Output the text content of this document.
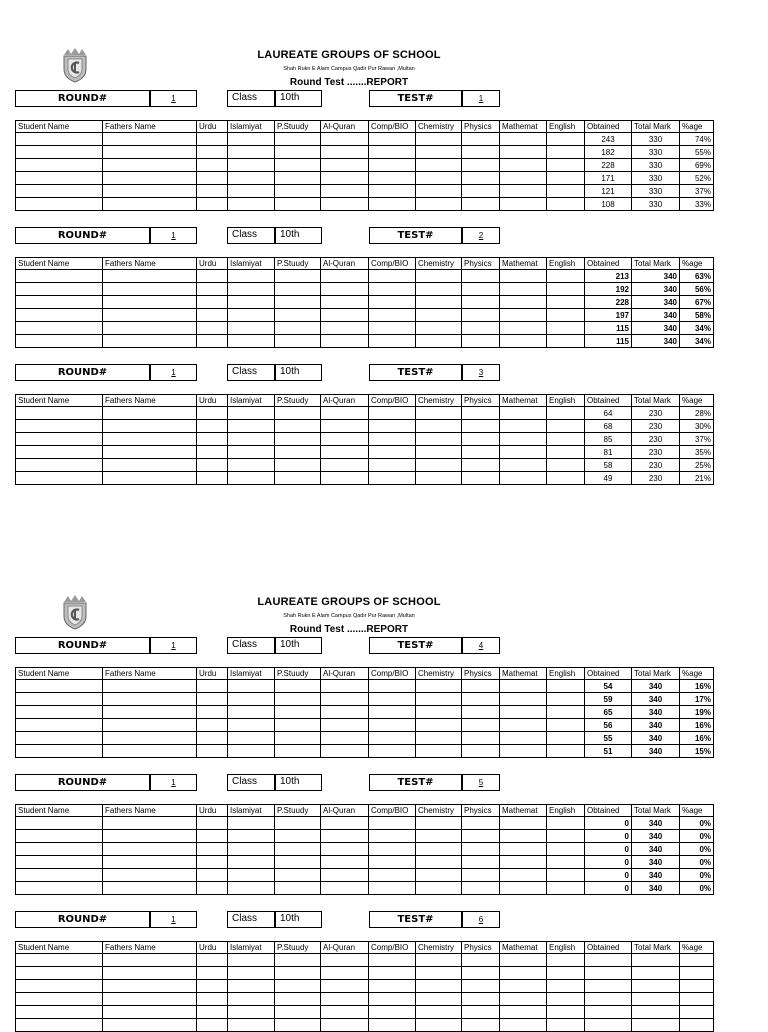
LAUREATE GROUPS OF SCHOOL
Shah Rukn E Alam Campus Qadir Pur Rawan ,Multan
Round Test .......REPORT
ROUND#	1	Class	10th	TEST#	1
Student Name	Fathers Name	Urdu	Islamiyat	P.Stuudy	Al-Quran	Comp/BIO	Chemistry	Physics	Mathemat	English	Obtained	Total Mark	%age
											243	330	74%
											182	330	55%
											228	330	69%
											171	330	52%
											121	330	37%
											108	330	33%
ROUND#	1	Class	10th	TEST#	2
Student Name	Fathers Name	Urdu	Islamiyat	P.Stuudy	Al-Quran	Comp/BIO	Chemistry	Physics	Mathemat	English	Obtained	Total Mark	%age
											213	340	63%
											192	340	56%
											228	340	67%
											197	340	58%
											115	340	34%
											115	340	34%
ROUND#	1	Class	10th	TEST#	3
Student Name	Fathers Name	Urdu	Islamiyat	P.Stuudy	Al-Quran	Comp/BIO	Chemistry	Physics	Mathemat	English	Obtained	Total Mark	%age
											64	230	28%
											68	230	30%
											85	230	37%
											81	230	35%
											58	230	25%
											49	230	21%
LAUREATE GROUPS OF SCHOOL
Shah Rukn E Alam Campus Qadir Pur Rawan ,Multan
Round Test .......REPORT
ROUND#	1	Class	10th	TEST#	4
Student Name	Fathers Name	Urdu	Islamiyat	P.Stuudy	Al-Quran	Comp/BIO	Chemistry	Physics	Mathemat	English	Obtained	Total Mark	%age
											54	340	16%
											59	340	17%
											65	340	19%
											56	340	16%
											55	340	16%
											51	340	15%
ROUND#	1	Class	10th	TEST#	5
Student Name	Fathers Name	Urdu	Islamiyat	P.Stuudy	Al-Quran	Comp/BIO	Chemistry	Physics	Mathemat	English	Obtained	Total Mark	%age
											0	340	0%
											0	340	0%
											0	340	0%
											0	340	0%
											0	340	0%
											0	340	0%
ROUND#	1	Class	10th	TEST#	6
Student Name	Fathers Name	Urdu	Islamiyat	P.Stuudy	Al-Quran	Comp/BIO	Chemistry	Physics	Mathemat	English	Obtained	Total Mark	%age
